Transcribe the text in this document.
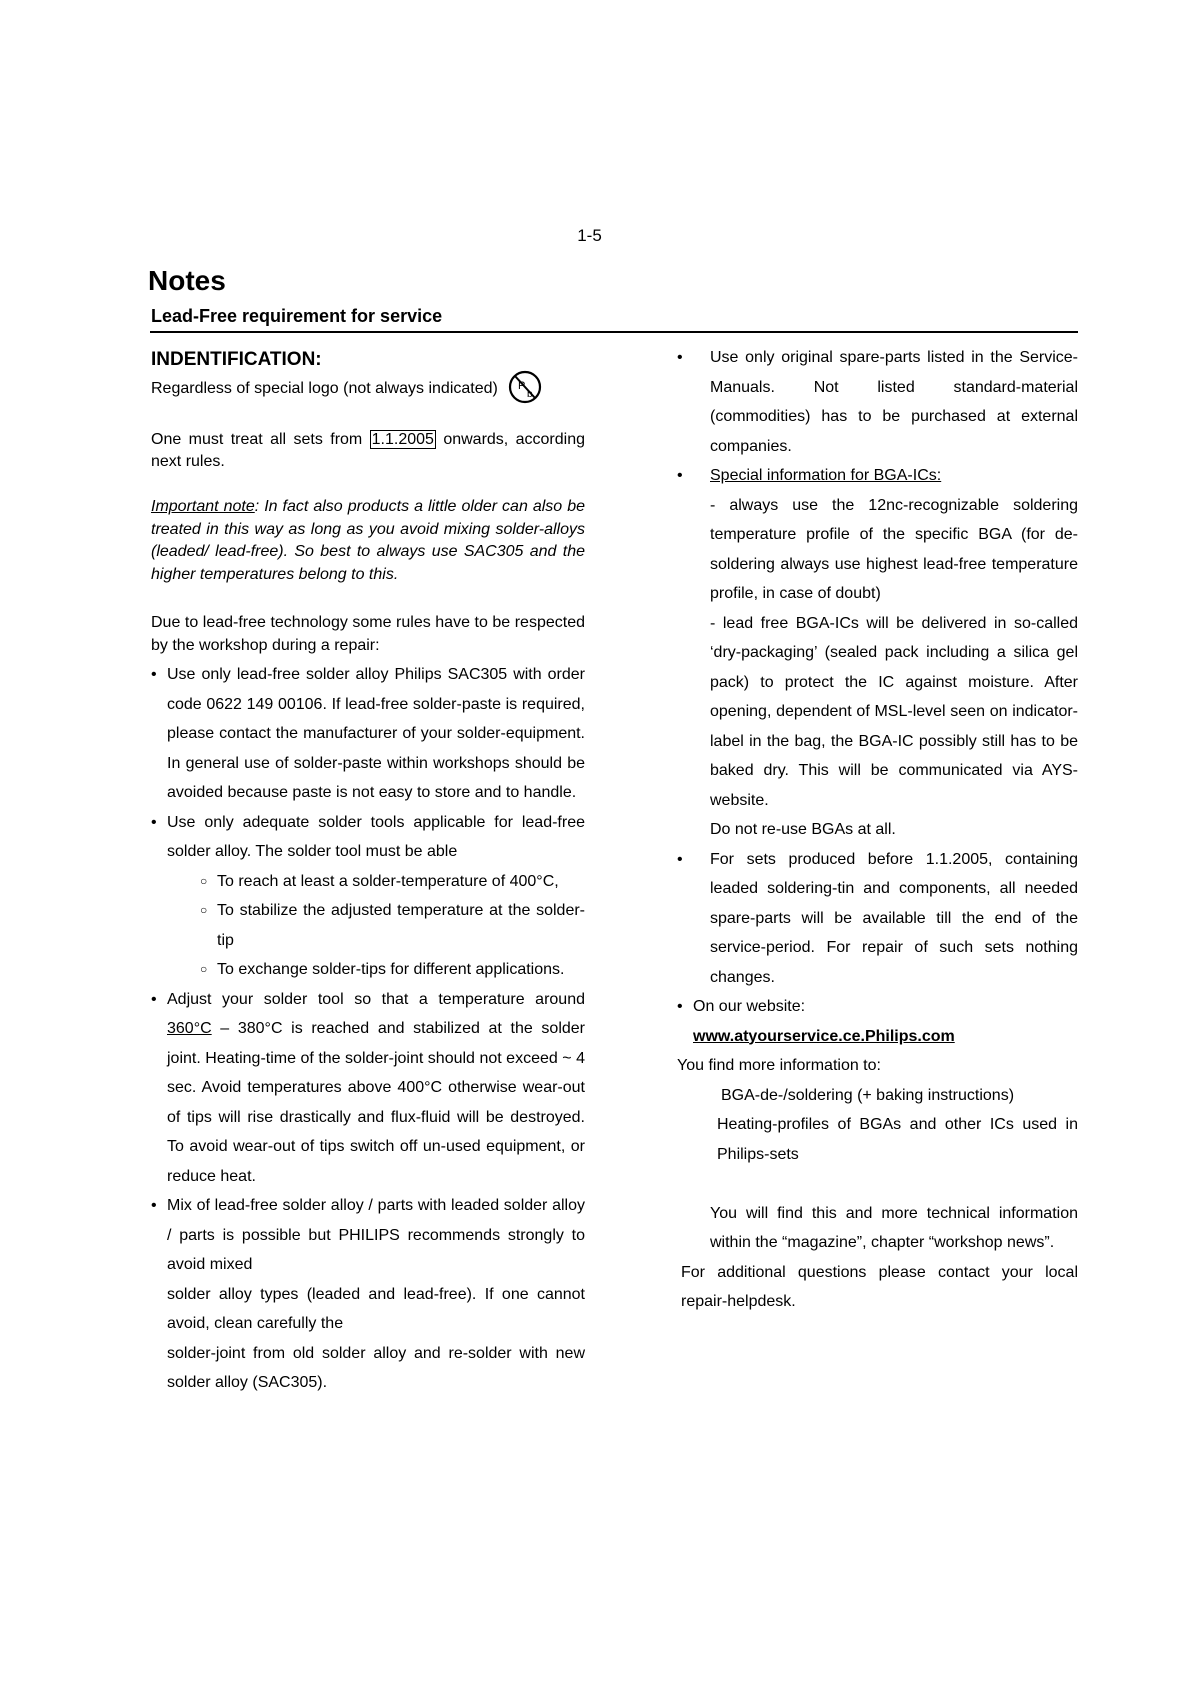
1-5
Notes
Lead-Free requirement for service
INDENTIFICATION:
Regardless of special logo (not always indicated) P
b
One must treat all sets from 1.1.2005 onwards, according next rules.
Important note: In fact also products a little older can also be treated in this way as long as you avoid mixing solder-alloys (leaded/ lead-free). So best to always use SAC305 and the higher temperatures belong to this.
Due to lead-free technology some rules have to be respected by the workshop during a repair:
• Use only lead-free solder alloy Philips SAC305 with order code 0622 149 00106. If lead-free solder-paste is required, please contact the manufacturer of your solder-equipment. In general use of solder-paste within workshops should be avoided because paste is not easy to store and to handle.
• Use only adequate solder tools applicable for lead-free solder alloy. The solder tool must be able
○ To reach at least a solder-temperature of 400°C,
○ To stabilize the adjusted temperature at the solder-tip
○ To exchange solder-tips for different applications.
• Adjust your solder tool so that a temperature around 360°C – 380°C is reached and stabilized at the solder joint. Heating-time of the solder-joint should not exceed ~ 4 sec. Avoid temperatures above 400°C otherwise wear-out of tips will rise drastically and flux-fluid will be destroyed. To avoid wear-out of tips switch off un-used equipment, or reduce heat.
• Mix of lead-free solder alloy / parts with leaded solder alloy / parts is possible but PHILIPS recommends strongly to avoid mixed
solder alloy types (leaded and lead-free). If one cannot avoid, clean carefully the
solder-joint from old solder alloy and re-solder with new solder alloy (SAC305).
• Use only original spare-parts listed in the Service-Manuals. Not listed standard-material (commodities) has to be purchased at external companies.
• Special information for BGA-ICs:
- always use the 12nc-recognizable soldering temperature profile of the specific BGA (for de-soldering always use highest lead-free temperature profile, in case of doubt)
- lead free BGA-ICs will be delivered in so-called ‘dry-packaging’ (sealed pack including a silica gel pack) to protect the IC against moisture. After opening, dependent of MSL-level seen on indicator-label in the bag, the BGA-IC possibly still has to be baked dry. This will be communicated via AYS-website.
Do not re-use BGAs at all.
• For sets produced before 1.1.2005, containing leaded soldering-tin and components, all needed spare-parts will be available till the end of the service-period. For repair of such sets nothing changes.
• On our website:
www.atyourservice.ce.Philips.com
You find more information to:
BGA-de-/soldering (+ baking instructions)
Heating-profiles of BGAs and other ICs used in Philips-sets
You will find this and more technical information within the “magazine”, chapter “workshop news”.
For additional questions please contact your local repair-helpdesk.
